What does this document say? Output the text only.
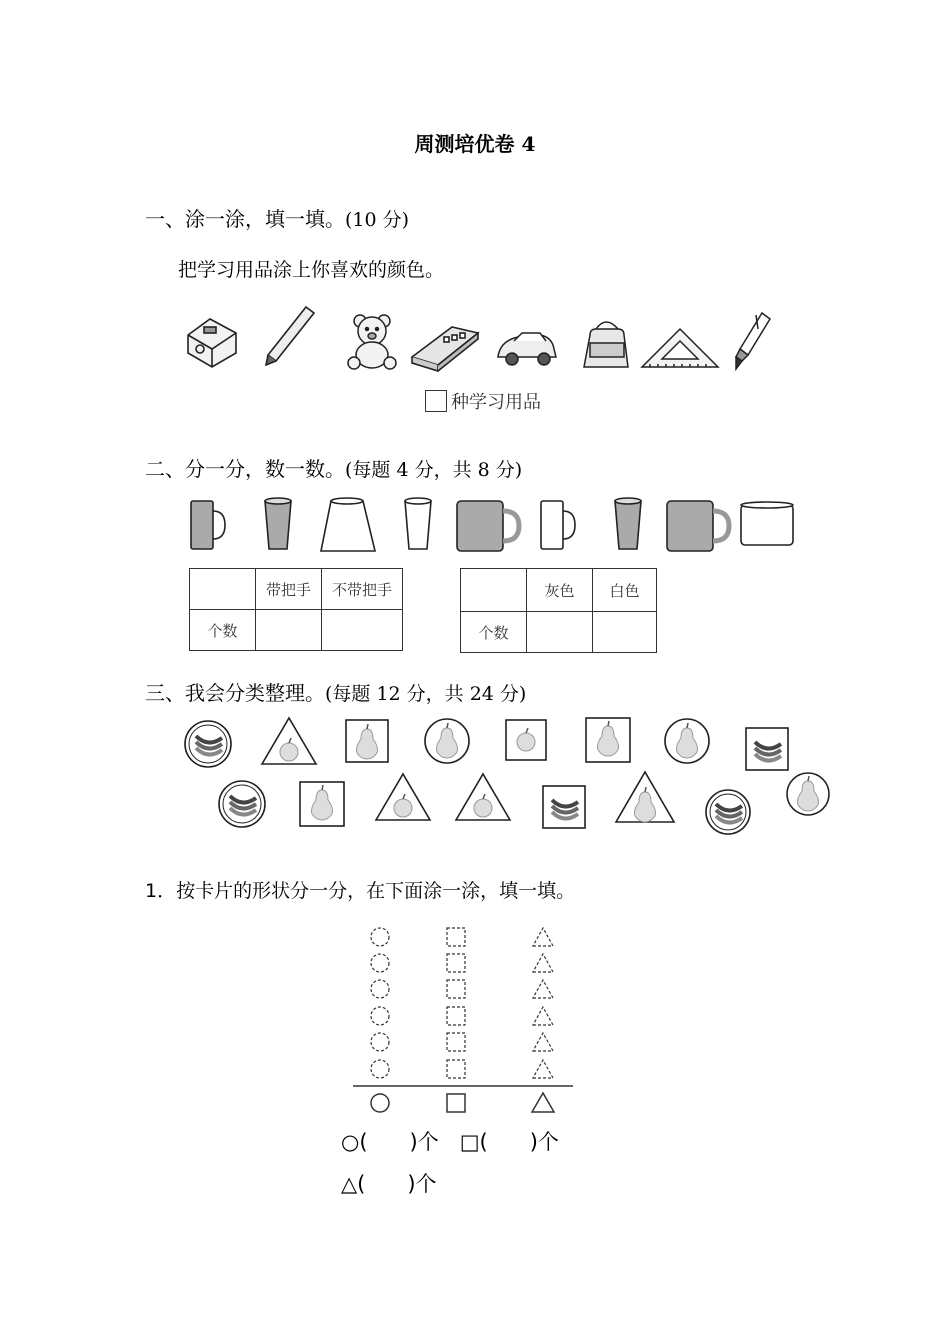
周测培优卷 4
一、涂一涂，填一填。(10 分)
把学习用品涂上你喜欢的颜色。
种学习用品
二、分一分，数一数。(每题 4 分，共 8 分)
	带把手	不带把手
个数		
	灰色	白色
个数		
三、我会分类整理。(每题 12 分，共 24 分)
1．按卡片的形状分一分，在下面涂一涂，填一填。
○(　　)个　□(　　)个
△(　　)个
